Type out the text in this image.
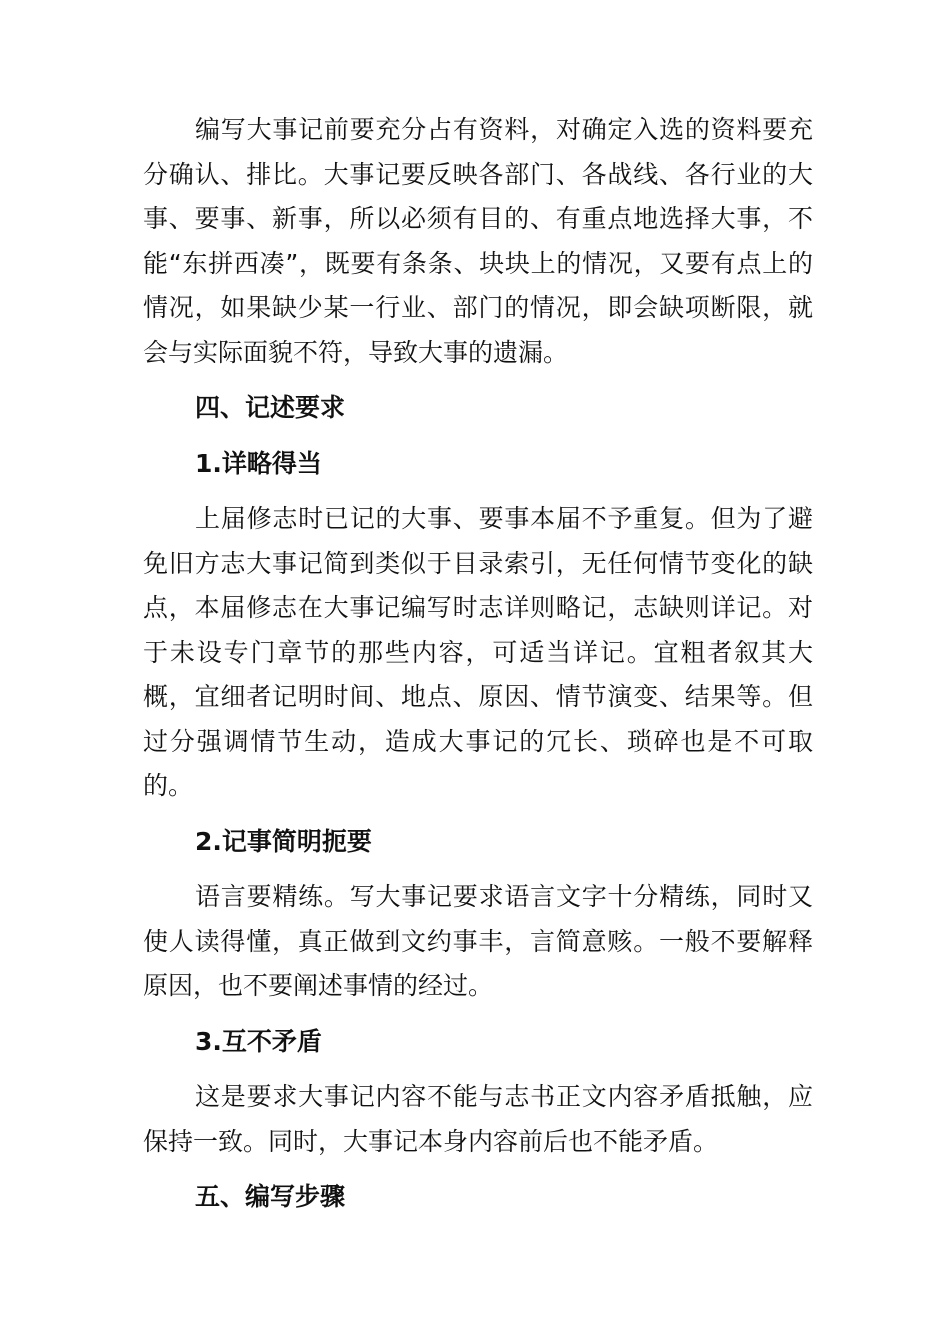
编写大事记前要充分占有资料，对确定入选的资料要充分确认、排比。大事记要反映各部门、各战线、各行业的大事、要事、新事，所以必须有目的、有重点地选择大事，不能“东拼西凑”，既要有条条、块块上的情况，又要有点上的情况，如果缺少某一行业、部门的情况，即会缺项断限，就会与实际面貌不符，导致大事的遗漏。

四、记述要求

1.详略得当

上届修志时已记的大事、要事本届不予重复。但为了避免旧方志大事记简到类似于目录索引，无任何情节变化的缺点，本届修志在大事记编写时志详则略记，志缺则详记。对于未设专门章节的那些内容，可适当详记。宜粗者叙其大概，宜细者记明时间、地点、原因、情节演变、结果等。但过分强调情节生动，造成大事记的冗长、琐碎也是不可取的。

2.记事简明扼要

语言要精练。写大事记要求语言文字十分精练，同时又使人读得懂，真正做到文约事丰，言简意赅。一般不要解释原因，也不要阐述事情的经过。

3.互不矛盾

这是要求大事记内容不能与志书正文内容矛盾抵触，应保持一致。同时，大事记本身内容前后也不能矛盾。

五、编写步骤
